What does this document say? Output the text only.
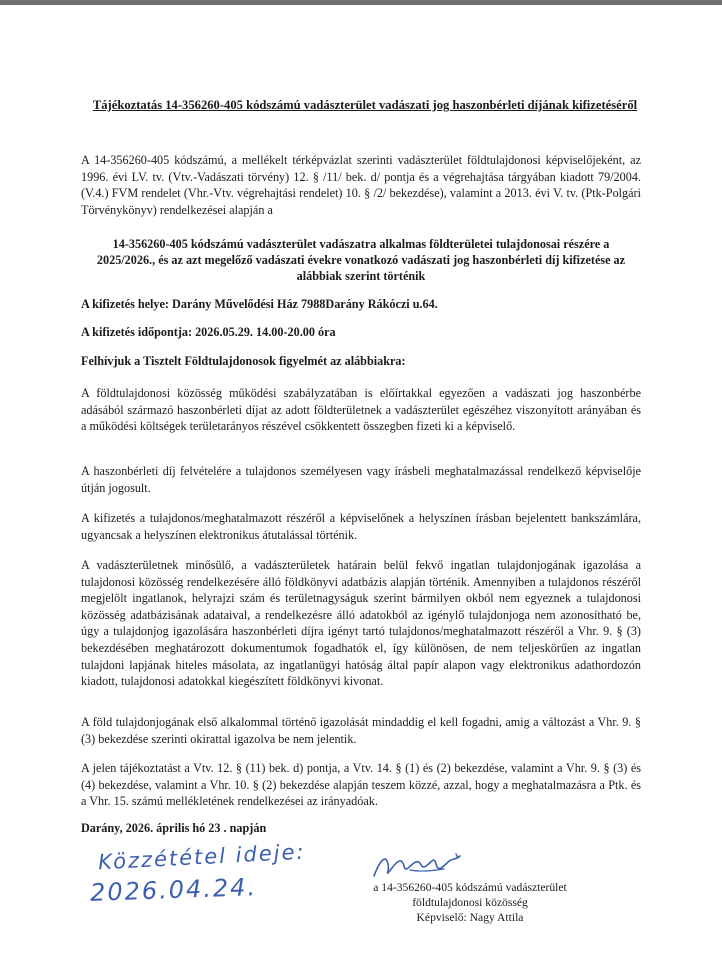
Tájékoztatás 14-356260-405 kódszámú vadászterület vadászati jog haszonbérleti díjának kifizetéséről

A 14-356260-405 kódszámú, a mellékelt térképvázlat szerinti vadászterület földtulajdonosi képviselőjeként, az 1996. évi LV. tv. (Vtv.-Vadászati törvény) 12. § /11/ bek. d/ pontja és a végrehajtása tárgyában kiadott 79/2004. (V.4.) FVM rendelet (Vhr.-Vtv. végrehajtási rendelet) 10. § /2/ bekezdése), valamint a 2013. évi V. tv. (Ptk-Polgári Törvénykönyv) rendelkezései alapján a

14-356260-405 kódszámú vadászterület vadászatra alkalmas földterületei tulajdonosai részére a 2025/2026., és az azt megelőző vadászati évekre vonatkozó vadászati jog haszonbérleti díj kifizetése az alábbiak szerint történik

A kifizetés helye: Darány Művelődési Ház 7988Darány Rákóczi u.64.

A kifizetés időpontja: 2026.05.29. 14.00-20.00 óra

Felhívjuk a Tisztelt Földtulajdonosok figyelmét az alábbiakra:

A földtulajdonosi közösség működési szabályzatában is előírtakkal egyezően a vadászati jog haszonbérbe adásából származó haszonbérleti díjat az adott földterületnek a vadászterület egészéhez viszonyított arányában és a működési költségek területarányos részével csökkentett összegben fizeti ki a képviselő.

A haszonbérleti díj felvételére a tulajdonos személyesen vagy írásbeli meghatalmazással rendelkező képviselője útján jogosult.

A kifizetés a tulajdonos/meghatalmazott részéről a képviselőnek a helyszínen írásban bejelentett bankszámlára, ugyancsak a helyszínen elektronikus átutalással történik.

A vadászterületnek minősülő, a vadászterületek határain belül fekvő ingatlan tulajdonjogának igazolása a tulajdonosi közösség rendelkezésére álló földkönyvi adatbázis alapján történik. Amennyiben a tulajdonos részéről megjelölt ingatlanok, helyrajzi szám és területnagyságuk szerint bármilyen okból nem egyeznek a tulajdonosi közösség adatbázisának adataival, a rendelkezésre álló adatokból az igénylő tulajdonjoga nem azonosítható be, úgy a tulajdonjog igazolására haszonbérleti díjra igényt tartó tulajdonos/meghatalmazott részéről a Vhr. 9. § (3) bekezdésében meghatározott dokumentumok fogadhatók el, így különösen, de nem teljeskörűen az ingatlan tulajdoni lapjának hiteles másolata, az ingatlanügyi hatóság által papír alapon vagy elektronikus adathordozón kiadott, tulajdonosi adatokkal kiegészített földkönyvi kivonat.

A föld tulajdonjogának első alkalommal történő igazolását mindaddig el kell fogadni, amig a változást a Vhr. 9. § (3) bekezdése szerinti okirattal igazolva be nem jelentik.

A jelen tájékoztatást a Vtv. 12. § (11) bek. d) pontja, a Vtv. 14. § (1) és (2) bekezdése, valamint a Vhr. 9. § (3) és (4) bekezdése, valamint a Vhr. 10. § (2) bekezdése alapján teszem közzé, azzal, hogy a meghatalmazásra a Ptk. és a Vhr. 15. számú mellékletének rendelkezései az irányadóak.

Darány, 2026. április hó 23 . napján

Közzététel ideje:
2026.04.24.	a 14-356260-405 kódszámú vadászterület
földtulajdonosi közösség
Képviselő: Nagy Attila
